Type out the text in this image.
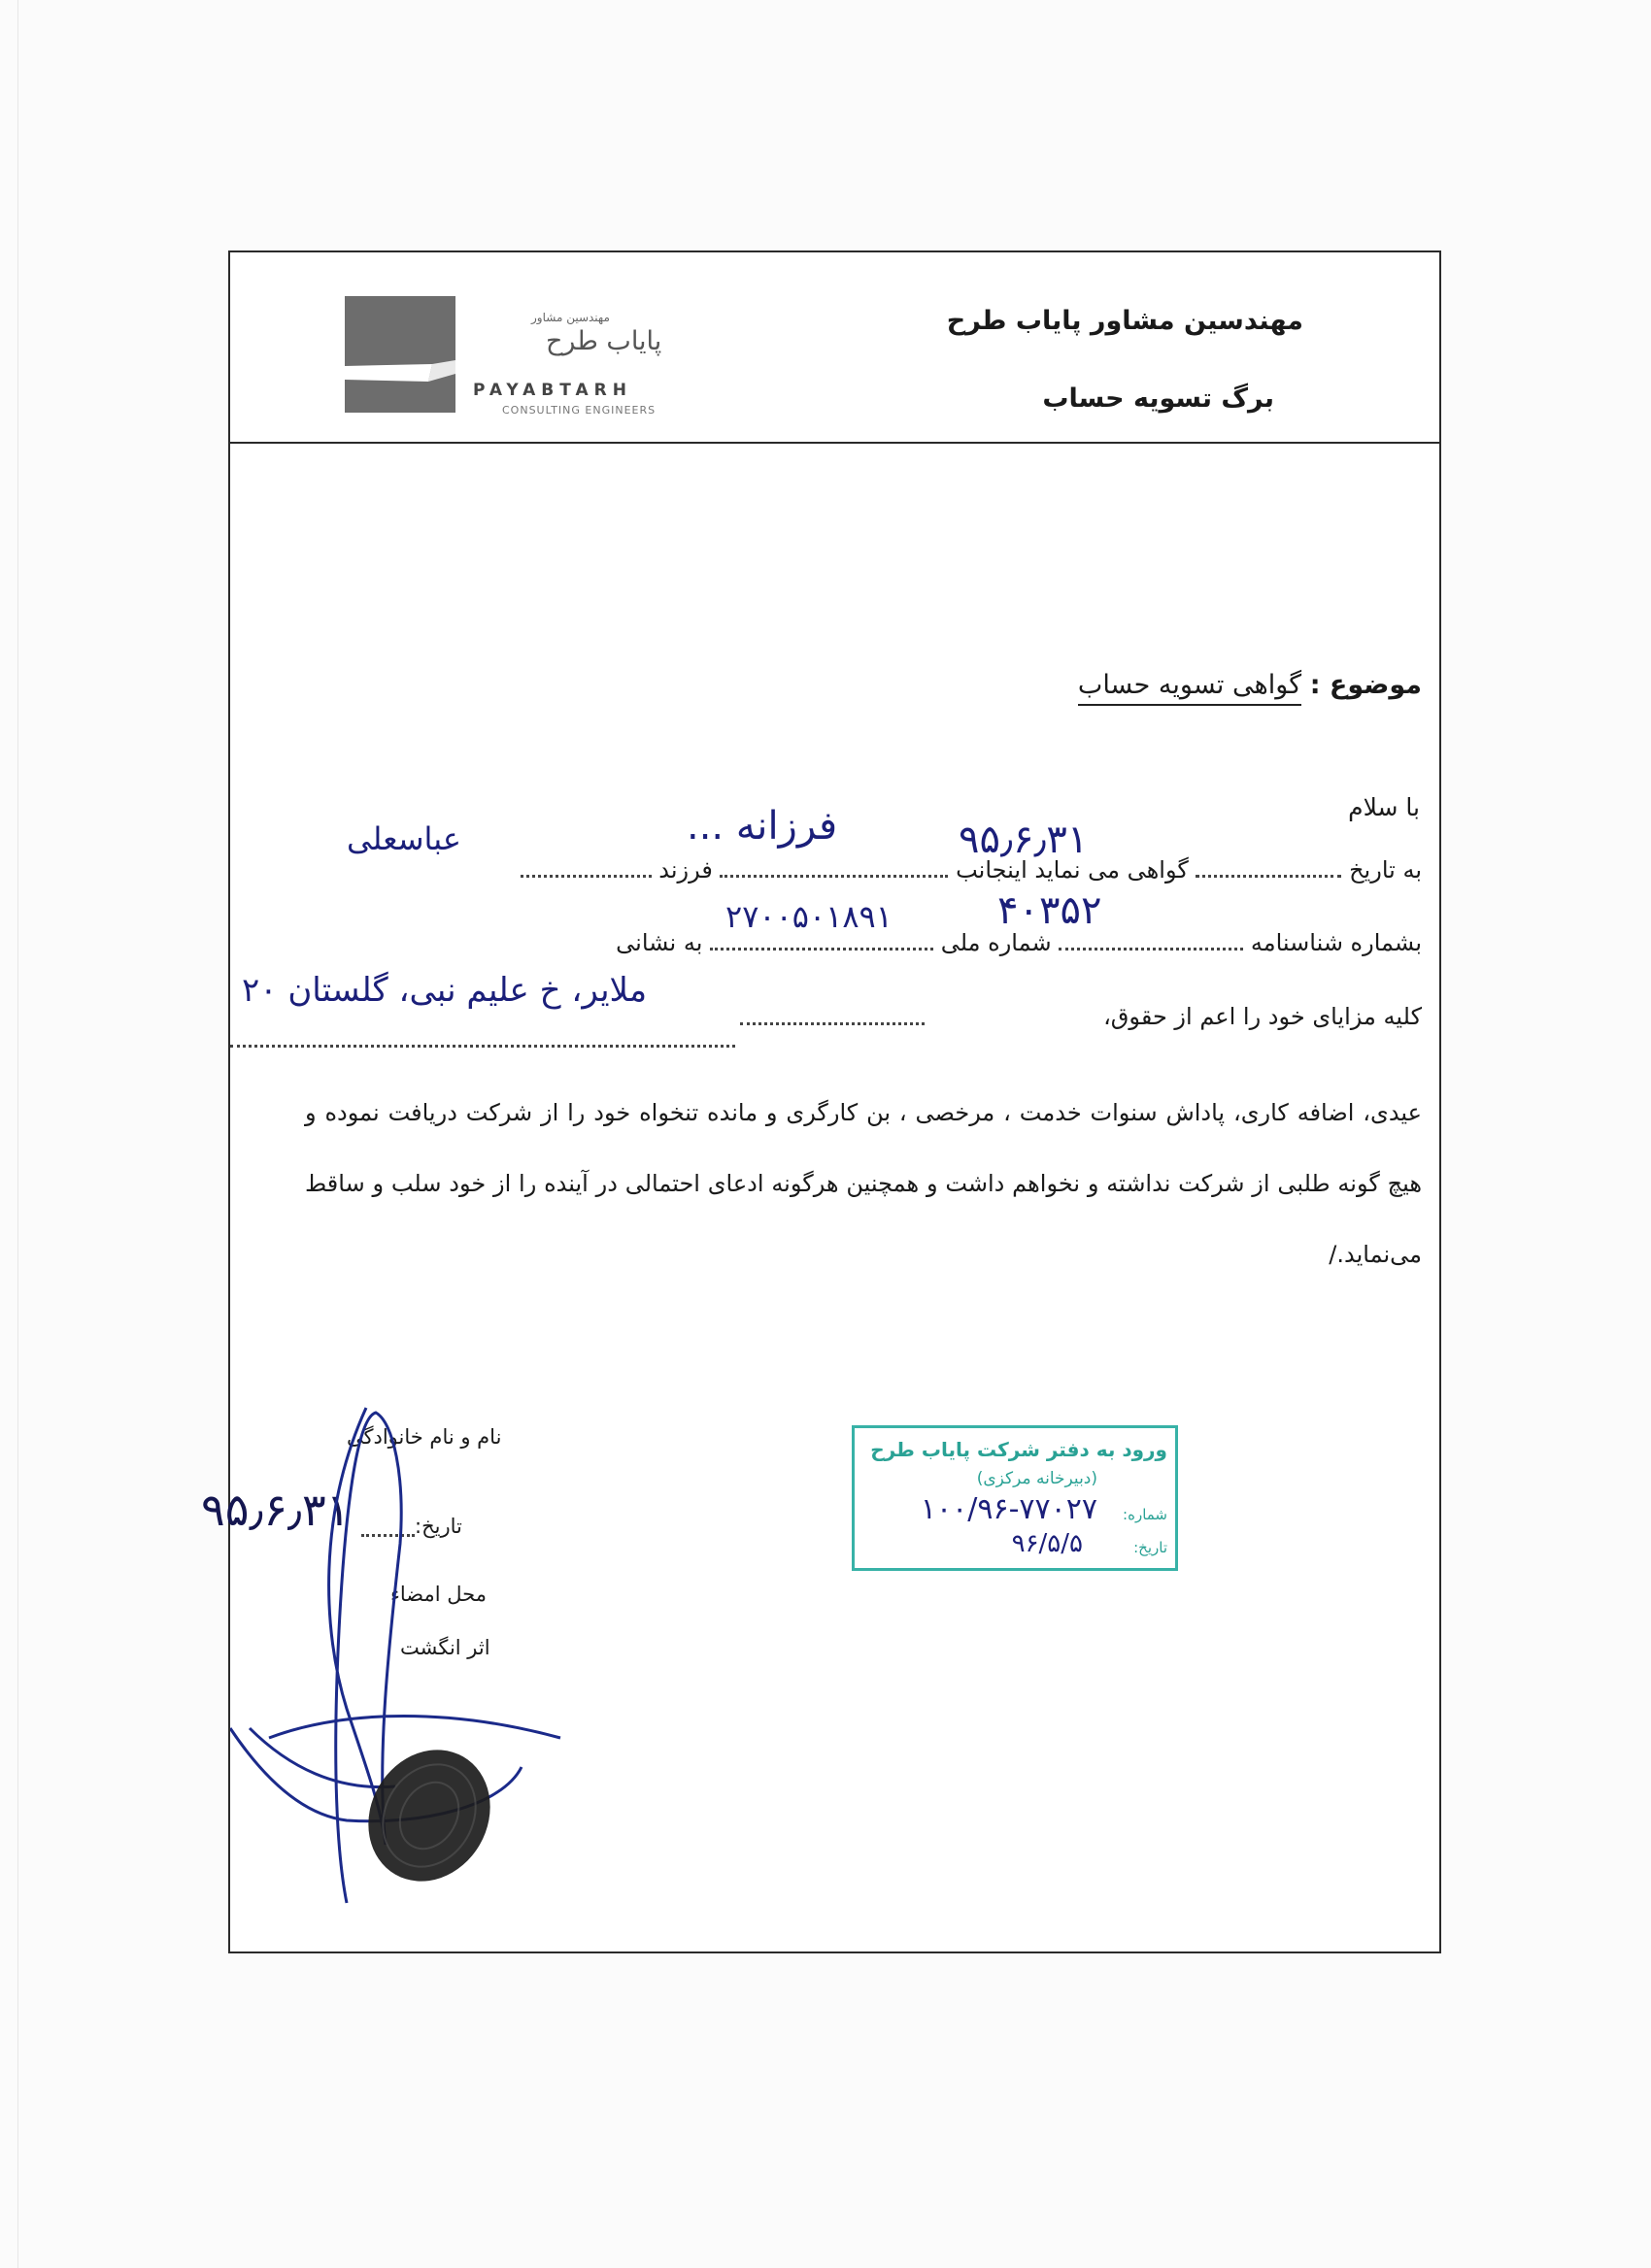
مهندسین مشاور پایاب طرح
برگ تسویه حساب
مهندسین مشاور
پایاب طرح
PAYABTARH
CONSULTING ENGINEERS
موضوع : گواهی تسویه حساب
با سلام
به تاریخ  گواهی می نماید اینجانب  فرزند
۹۵٫۶٫۳۱
فرزانه ...
عباسعلی
بشماره شناسنامه  شماره ملی  به نشانی
۴۰۳۵۲
۲۷۰۰۵۰۱۸۹۱
کلیه مزایای خود را اعم از حقوق،
ملایر، خ علیم نبی، گلستان ۲۰
عیدی، اضافه کاری، پاداش سنوات خدمت ، مرخصی ، بن کارگری و مانده تنخواه خود را از شرکت دریافت نموده و هیچ گونه طلبی از شرکت نداشته و نخواهم داشت و همچنین هرگونه ادعای احتمالی در آینده را از خود سلب و ساقط می‌نماید./
نام و نام خانوادگی
تاریخ:
۹۵٫۶٫۳۱
محل امضاء
اثر انگشت
ورود به دفتر شرکت پایاب طرح
(دبیرخانه مرکزی)
شماره:
تاریخ:
۱۰۰/۹۶-۷۷۰۲۷
۹۶/۵/۵
